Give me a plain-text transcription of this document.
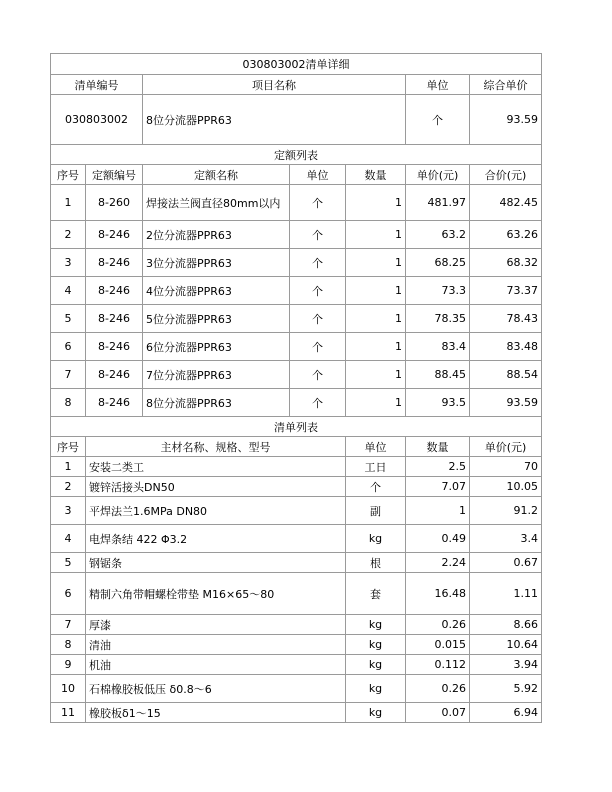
030803002清单详细							
清单编号		项目名称			单位	综合单价	
030803002		8位分流器PPR63			个	93.59	
定额列表							
序号	定额编号	定额名称	单位	数量	单价(元)	合价(元)	
1	8-260	焊接法兰阀直径80mm以内	个	1	481.97	482.45	
2	8-246	2位分流器PPR63	个	1	63.2	63.26	
3	8-246	3位分流器PPR63	个	1	68.25	68.32	
4	8-246	4位分流器PPR63	个	1	73.3	73.37	
5	8-246	5位分流器PPR63	个	1	78.35	78.43	
6	8-246	6位分流器PPR63	个	1	83.4	83.48	
7	8-246	7位分流器PPR63	个	1	88.45	88.54	
8	8-246	8位分流器PPR63	个	1	93.5	93.59	
清单列表							
序号	主材名称、规格、型号			单位	数量	单价(元)	
1	安装二类工			工日	2.5	70	
2	镀锌活接头DN50			个	7.07	10.05	
3	平焊法兰1.6MPa DN80			副	1	91.2	
4	电焊条结 422 Φ3.2			kg	0.49	3.4	
5	钢锯条			根	2.24	0.67	
6	精制六角带帽螺栓带垫 M16×65～80			套	16.48	1.11	
7	厚漆			kg	0.26	8.66	
8	清油			kg	0.015	10.64	
9	机油			kg	0.112	3.94	
10	石棉橡胶板低压 δ0.8～6			kg	0.26	5.92	
11	橡胶板δ1～15			kg	0.07	6.94	
